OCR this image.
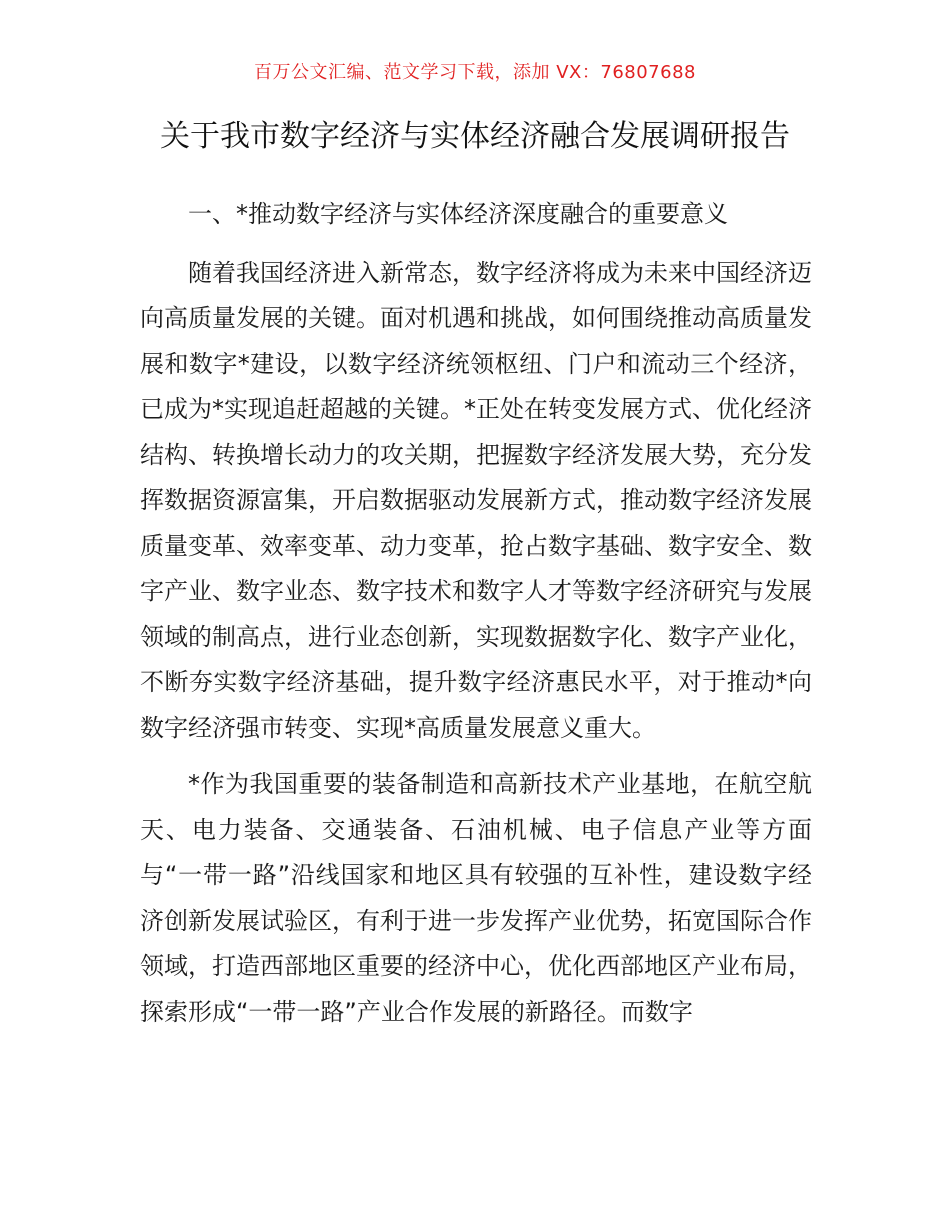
百万公文汇编、范文学习下载，添加 VX：76807688
关于我市数字经济与实体经济融合发展调研报告

一、*推动数字经济与实体经济深度融合的重要意义

随着我国经济进入新常态，数字经济将成为未来中国经济迈向高质量发展的关键。面对机遇和挑战，如何围绕推动高质量发展和数字*建设，以数字经济统领枢纽、门户和流动三个经济，已成为*实现追赶超越的关键。*正处在转变发展方式、优化经济结构、转换增长动力的攻关期，把握数字经济发展大势，充分发挥数据资源富集，开启数据驱动发展新方式，推动数字经济发展质量变革、效率变革、动力变革，抢占数字基础、数字安全、数字产业、数字业态、数字技术和数字人才等数字经济研究与发展领域的制高点，进行业态创新，实现数据数字化、数字产业化，不断夯实数字经济基础，提升数字经济惠民水平，对于推动*向数字经济强市转变、实现*高质量发展意义重大。

*作为我国重要的装备制造和高新技术产业基地，在航空航天、电力装备、交通装备、石油机械、电子信息产业等方面与“一带一路”沿线国家和地区具有较强的互补性，建设数字经济创新发展试验区，有利于进一步发挥产业优势，拓宽国际合作领域，打造西部地区重要的经济中心，优化西部地区产业布局，探索形成“一带一路”产业合作发展的新路径。而数字
